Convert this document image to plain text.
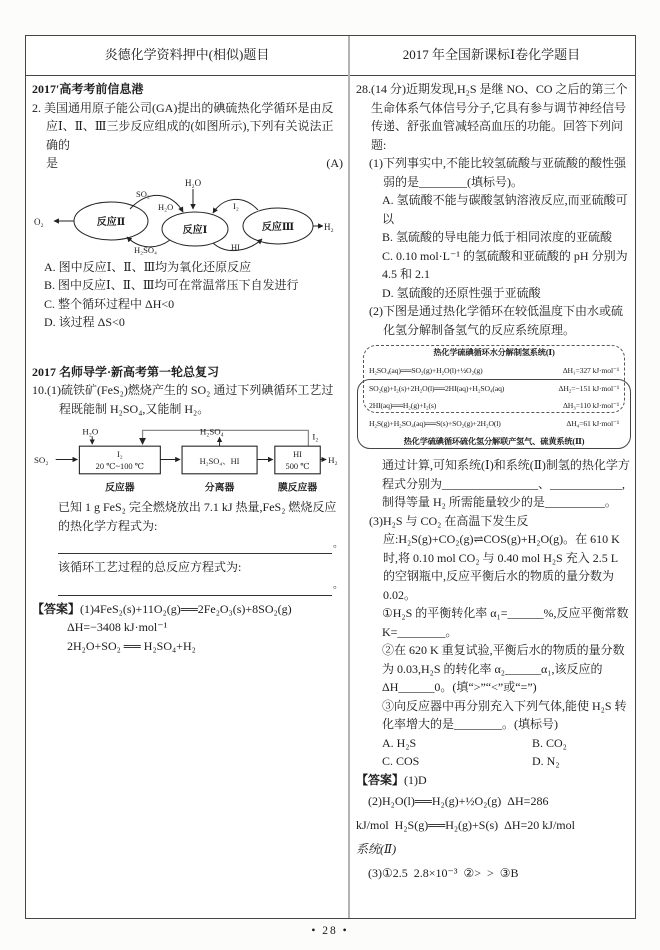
炎德化学资料押中(相似)题目	2017 年全国新课标Ⅰ卷化学题目

2017′高考考前信息港

2. 美国通用原子能公司(GA)提出的碘硫热化学循环是由反应Ⅰ、Ⅱ、Ⅲ三步反应组成的(如图所示),下列有关说法正确的

是	(A)
O₂	反应Ⅱ
反应Ⅰ	反应Ⅲ
H₂O
SO₂
H₂O
H₂SO₄
I₂
HI
H₂
A. 图中反应Ⅰ、Ⅱ、Ⅲ均为氧化还原反应
B. 图中反应Ⅰ、Ⅱ、Ⅲ均可在常温常压下自发进行
C. 整个循环过程中 ΔH<0
D. 该过程 ΔS<0

2017 名师导学·新高考第一轮总复习

10.(1)硫铁矿(FeS₂)燃烧产生的 SO₂ 通过下列碘循环工艺过程既能制 H₂SO₄,又能制 H₂。

SO₂
I₂
20 ℃~100 ℃
反应器
H₂O	I₂
H₂SO₄、HI
分离器
H₂SO₄
HI
500 ℃
膜反应器
H₂

已知 1 g FeS₂ 完全燃烧放出 7.1 kJ 热量,FeS₂ 燃烧反应的热化学方程式为:

。

该循环工艺过程的总反应方程式为:

。
【答案】(1)4FeS₂(s)+11O₂(g)══2Fe₂O₃(s)+8SO₂(g)
ΔH=−3408 kJ·mol⁻¹
2H₂O+SO₂ ══ H₂SO₄+H₂

28.(14 分)近期发现,H₂S 是继 NO、CO 之后的第三个生命体系气体信号分子,它具有参与调节神经信号传递、舒张血管减轻高血压的功能。回答下列问题:

(1)下列事实中,不能比较氢硫酸与亚硫酸的酸性强弱的是________(填标号)。

A. 氢硫酸不能与碳酸氢钠溶液反应,而亚硫酸可以
B. 氢硫酸的导电能力低于相同浓度的亚硫酸
C. 0.10 mol·L⁻¹ 的氢硫酸和亚硫酸的 pH 分别为 4.5 和 2.1
D. 氢硫酸的还原性强于亚硫酸

(2)下图是通过热化学循环在较低温度下由水或硫化氢分解制备氢气的反应系统原理。

热化学硫碘循环水分解制氢系统(Ⅰ)
H₂SO₄(aq)══SO₂(g)+H₂O(l)+½O₂(g)	ΔH₁=327 kJ·mol⁻¹
SO₂(g)+I₂(s)+2H₂O(l)══2HI(aq)+H₂SO₄(aq)	ΔH₂=−151 kJ·mol⁻¹
2HI(aq)══H₂(g)+I₂(s)	ΔH₃=110 kJ·mol⁻¹
H₂S(g)+H₂SO₄(aq)══S(s)+SO₂(g)+2H₂O(l)	ΔH₄=61 kJ·mol⁻¹
热化学硫碘循环硫化氢分解联产氢气、硫黄系统(Ⅱ)

通过计算,可知系统(Ⅰ)和系统(Ⅱ)制氢的热化学方程式分别为________________、____________,制得等量 H₂ 所需能量较少的是__________。

(3)H₂S 与 CO₂ 在高温下发生反应:H₂S(g)+CO₂(g)⇌COS(g)+H₂O(g)。在 610 K 时,将 0.10 mol CO₂ 与 0.40 mol H₂S 充入 2.5 L 的空钢瓶中,反应平衡后水的物质的量分数为 0.02。

①H₂S 的平衡转化率 α₁=______%,反应平衡常数 K=________。
②在 620 K 重复试验,平衡后水的物质的量分数为 0.03,H₂S 的转化率 α₂______α₁,该反应的 ΔH______0。(填“>”“<”或“=”)
③向反应器中再分别充入下列气体,能使 H₂S 转化率增大的是________。(填标号)
A. H₂S	B. CO₂
C. COS	D. N₂
【答案】(1)D
(2)H₂O(l)══H₂(g)+½O₂(g)  ΔH=286
kJ/mol  H₂S(g)══H₂(g)+S(s)  ΔH=20 kJ/mol
系统(Ⅱ)
(3)①2.5  2.8×10⁻³  ②>  >  ③B
• 28 •
